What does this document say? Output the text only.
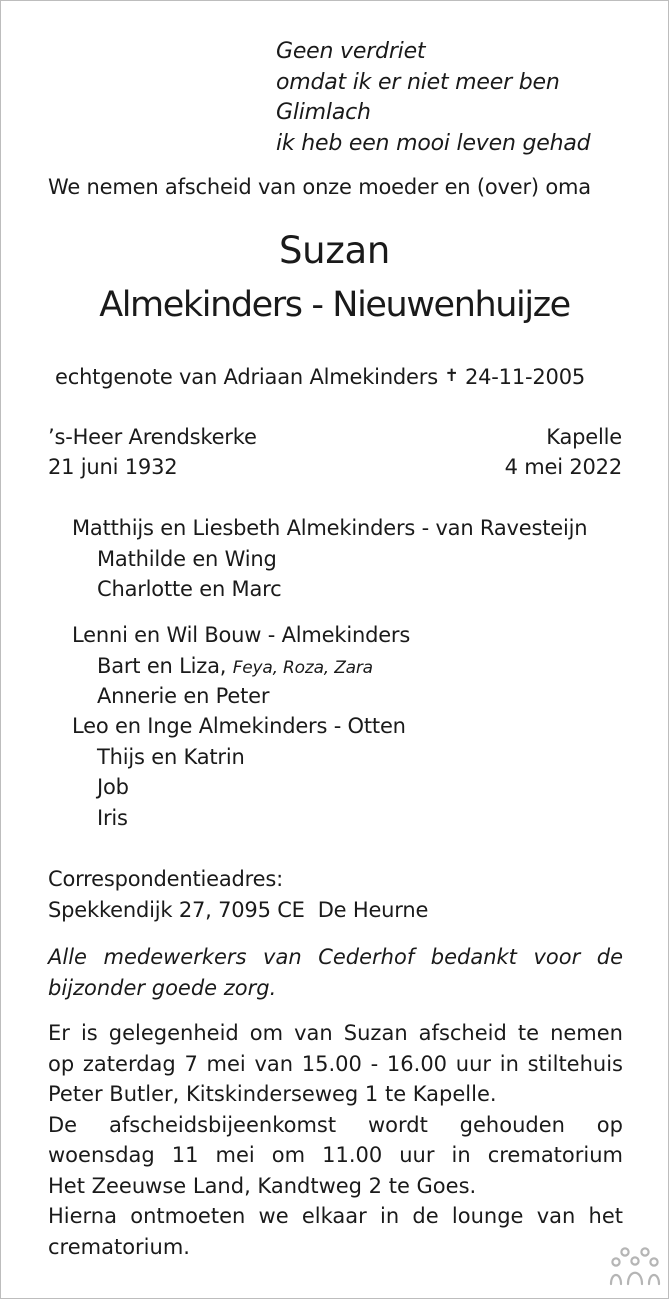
Geen verdriet
omdat ik er niet meer ben
Glimlach
ik heb een mooi leven gehad
We nemen afscheid van onze moeder en (over) oma
Suzan
Almekinders - Nieuwenhuijze
echtgenote van Adriaan Almekinders ✝ 24-11-2005
’s-Heer Arendskerke
21 juni 1932
Kapelle
4 mei 2022
Matthijs en Liesbeth Almekinders - van Ravesteijn
Mathilde en Wing
Charlotte en Marc
Lenni en Wil Bouw - Almekinders
Bart en Liza, Feya, Roza, Zara
Annerie en Peter
Leo en Inge Almekinders - Otten
Thijs en Katrin
Job
Iris
Correspondentieadres:
Spekkendijk 27, 7095 CE  De Heurne
Alle medewerkers van Cederhof bedankt voor de
bijzonder goede zorg.
Er is gelegenheid om van Suzan afscheid te nemen
op zaterdag 7 mei van 15.00 - 16.00 uur in stiltehuis
Peter Butler, Kitskinderseweg 1 te Kapelle.
De afscheidsbijeenkomst wordt gehouden op
woensdag 11 mei om 11.00 uur in crematorium
Het Zeeuwse Land, Kandtweg 2 te Goes.
Hierna ontmoeten we elkaar in de lounge van het
crematorium.
